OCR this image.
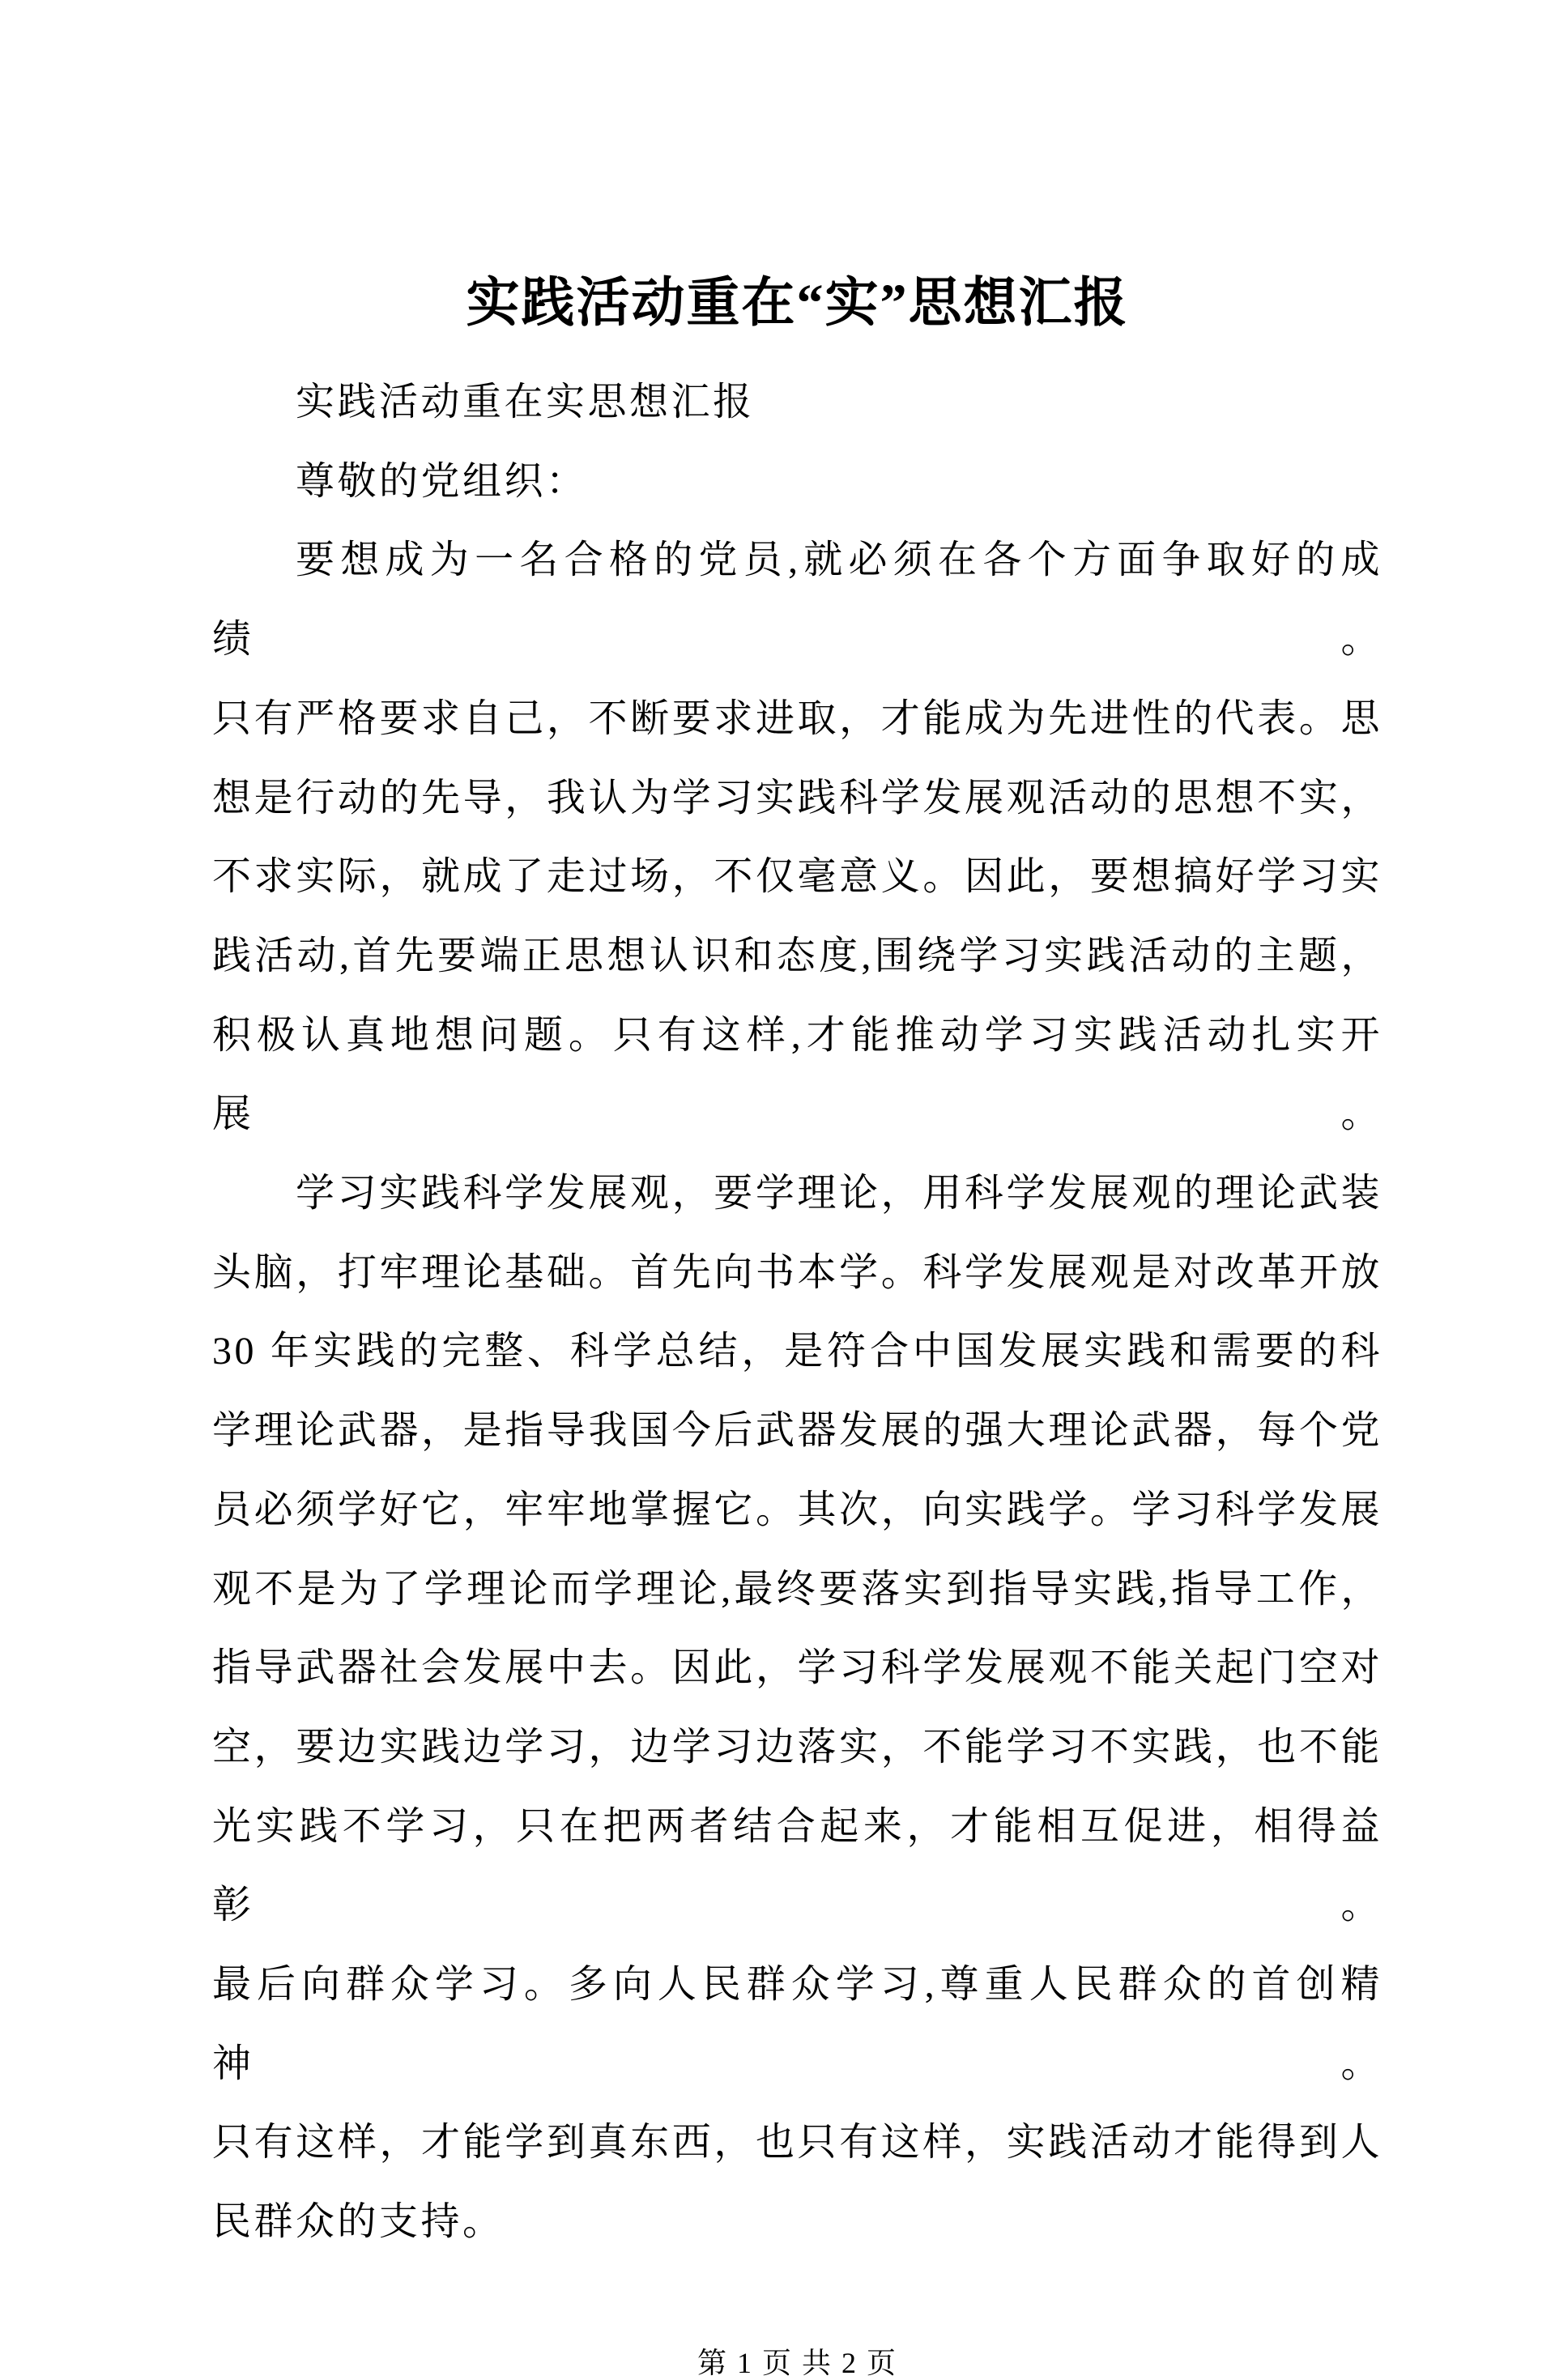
实践活动重在“实”思想汇报
实践活动重在实思想汇报
尊敬的党组织：
要想成为一名合格的党员,就必须在各个方面争取好的成绩。
只有严格要求自己，不断要求进取，才能成为先进性的代表。思
想是行动的先导，我认为学习实践科学发展观活动的思想不实，
不求实际，就成了走过场，不仅毫意义。因此，要想搞好学习实
践活动,首先要端正思想认识和态度,围绕学习实践活动的主题，
积极认真地想问题。只有这样,才能推动学习实践活动扎实开展。
学习实践科学发展观，要学理论，用科学发展观的理论武装
头脑，打牢理论基础。首先向书本学。科学发展观是对改革开放
30 年实践的完整、科学总结，是符合中国发展实践和需要的科
学理论武器，是指导我国今后武器发展的强大理论武器，每个党
员必须学好它，牢牢地掌握它。其次，向实践学。学习科学发展
观不是为了学理论而学理论,最终要落实到指导实践,指导工作，
指导武器社会发展中去。因此，学习科学发展观不能关起门空对
空，要边实践边学习，边学习边落实，不能学习不实践，也不能
光实践不学习，只在把两者结合起来，才能相互促进，相得益彰。
最后向群众学习。多向人民群众学习,尊重人民群众的首创精神。
只有这样，才能学到真东西，也只有这样，实践活动才能得到人
民群众的支持。
第 1 页 共 2 页
